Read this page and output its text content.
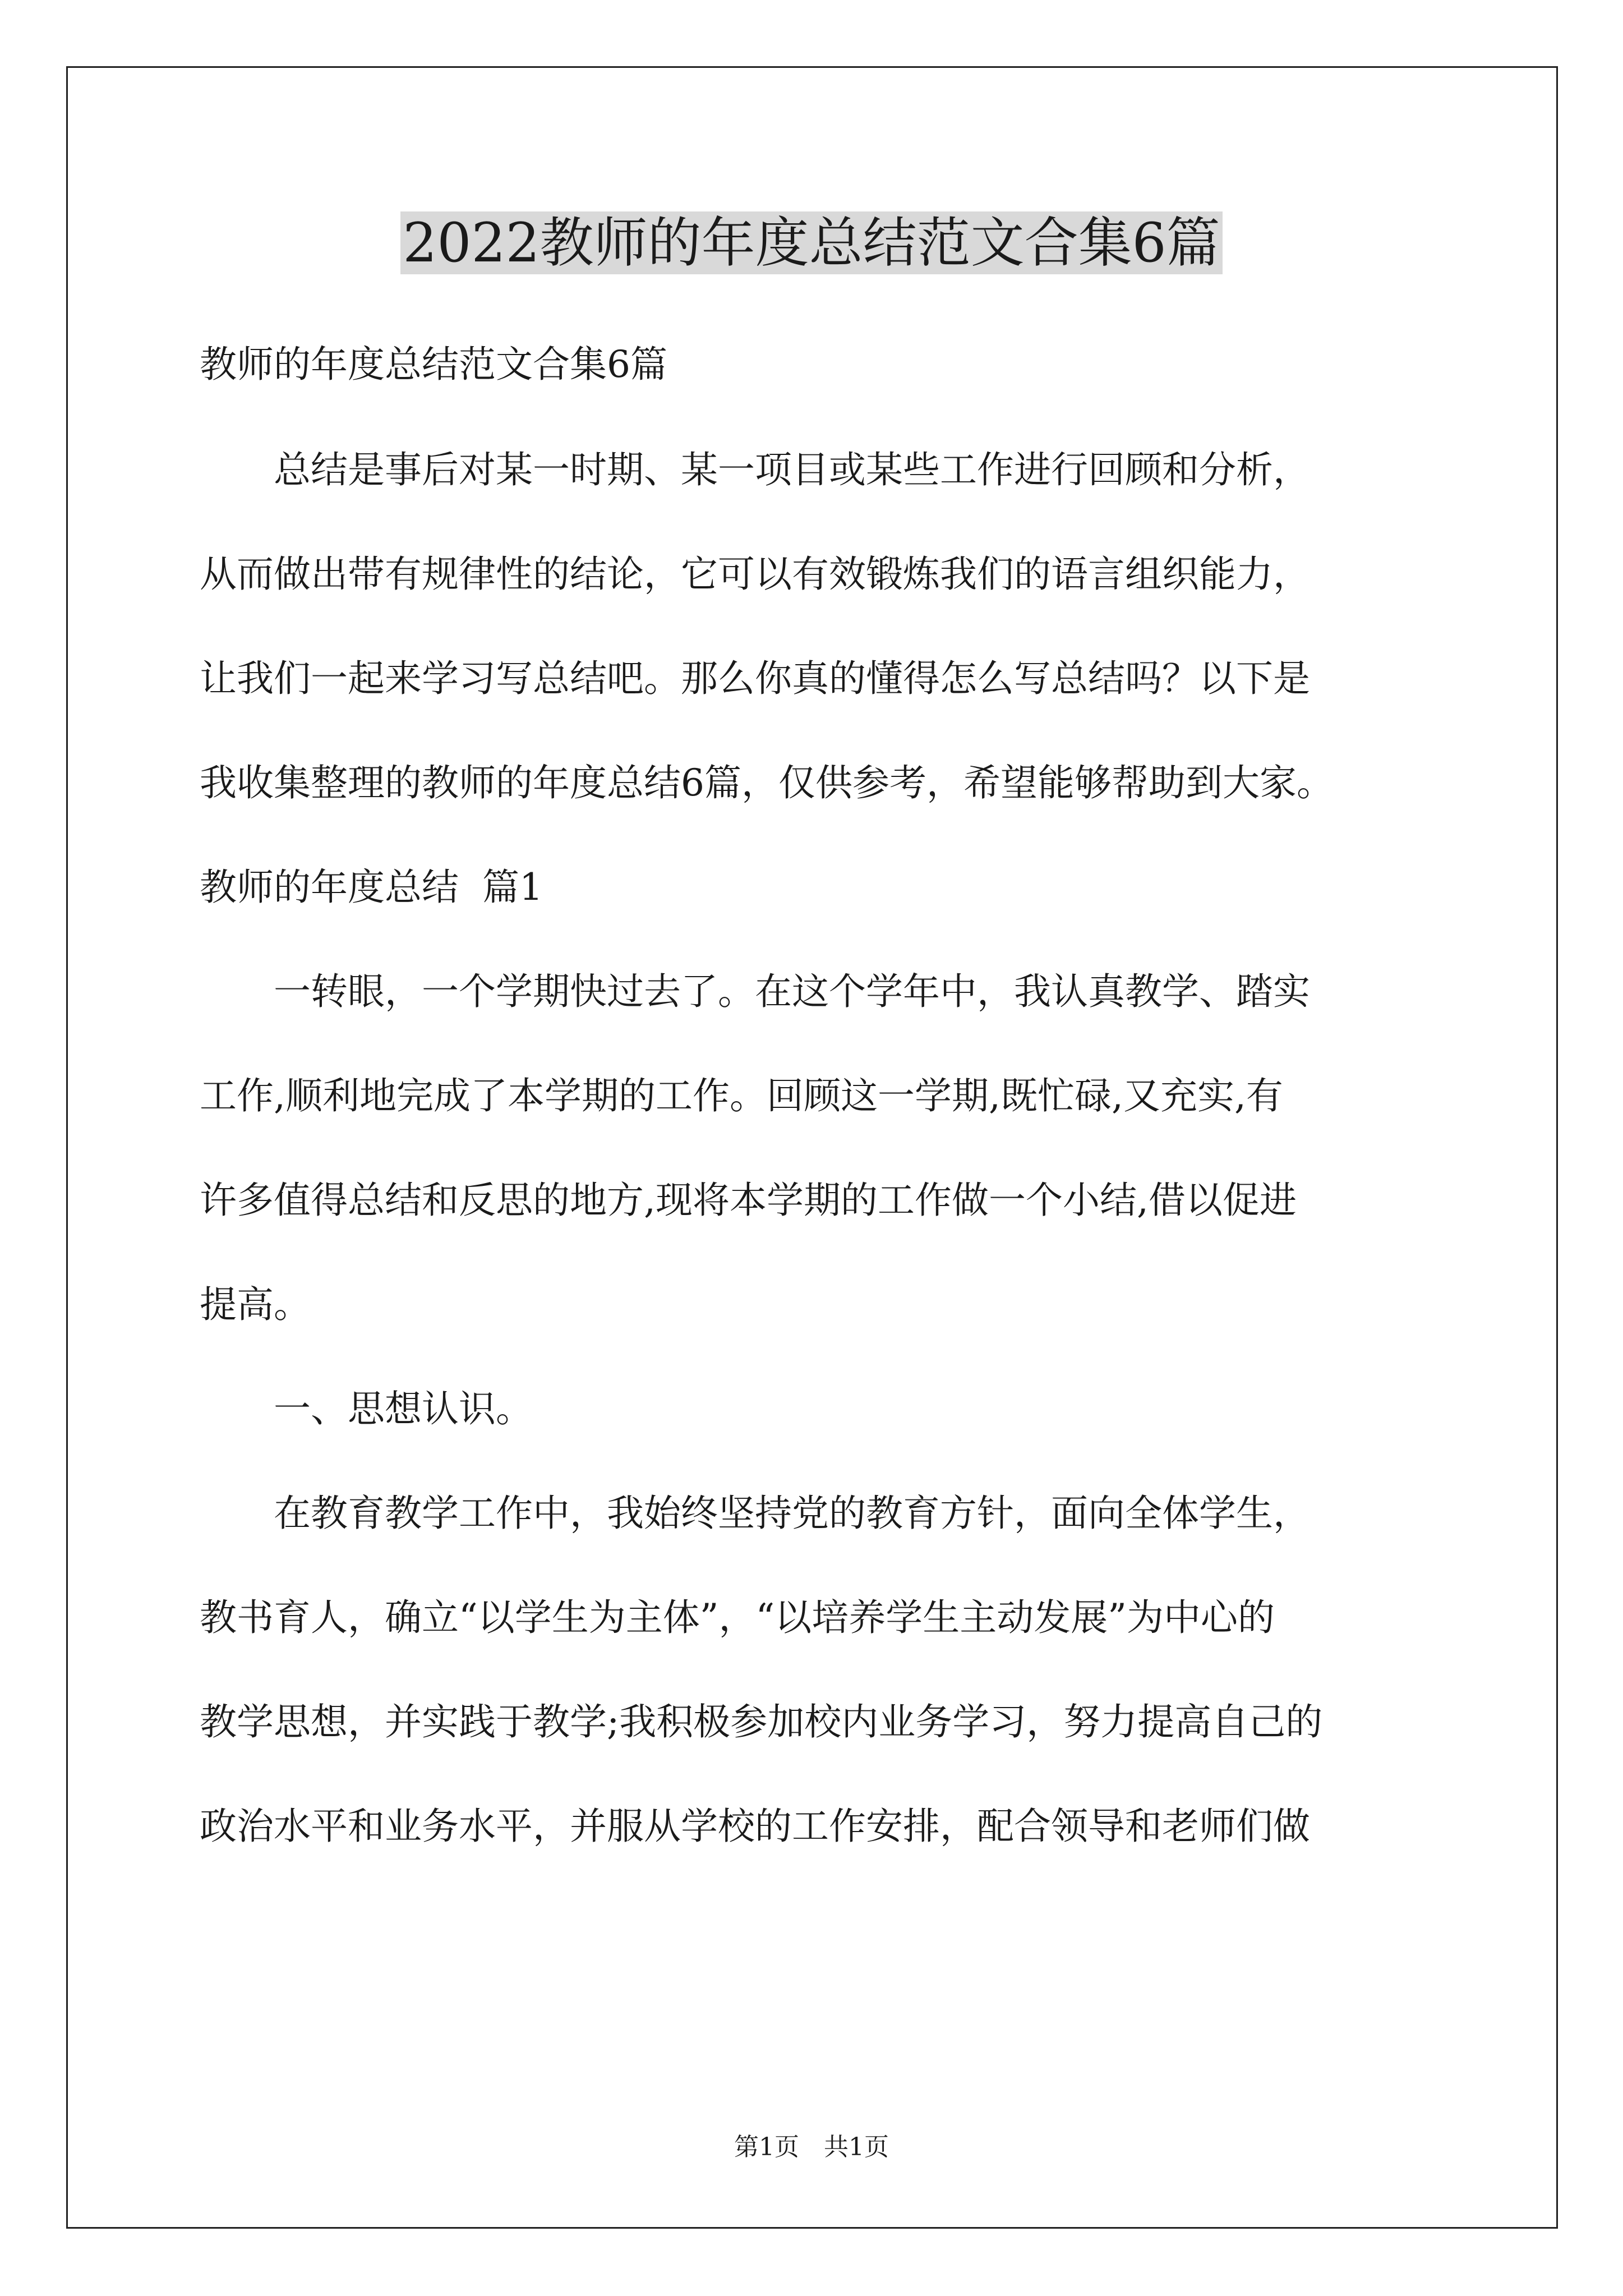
2022教师的年度总结范文合集6篇

教师的年度总结范文合集6篇

总结是事后对某一时期、某一项目或某些工作进行回顾和分析，

从而做出带有规律性的结论，它可以有效锻炼我们的语言组织能力，

让我们一起来学习写总结吧。那么你真的懂得怎么写总结吗？以下是

我收集整理的教师的年度总结6篇，仅供参考，希望能够帮助到大家。

教师的年度总结  篇1

一转眼，一个学期快过去了。在这个学年中，我认真教学、踏实

工作,顺利地完成了本学期的工作。回顾这一学期,既忙碌,又充实,有

许多值得总结和反思的地方,现将本学期的工作做一个小结,借以促进

提高。

一、思想认识。

在教育教学工作中，我始终坚持党的教育方针，面向全体学生，

教书育人，确立“以学生为主体”，“以培养学生主动发展”为中心的

教学思想，并实践于教学;我积极参加校内业务学习，努力提高自己的

政治水平和业务水平，并服从学校的工作安排，配合领导和老师们做

第1页 共1页
